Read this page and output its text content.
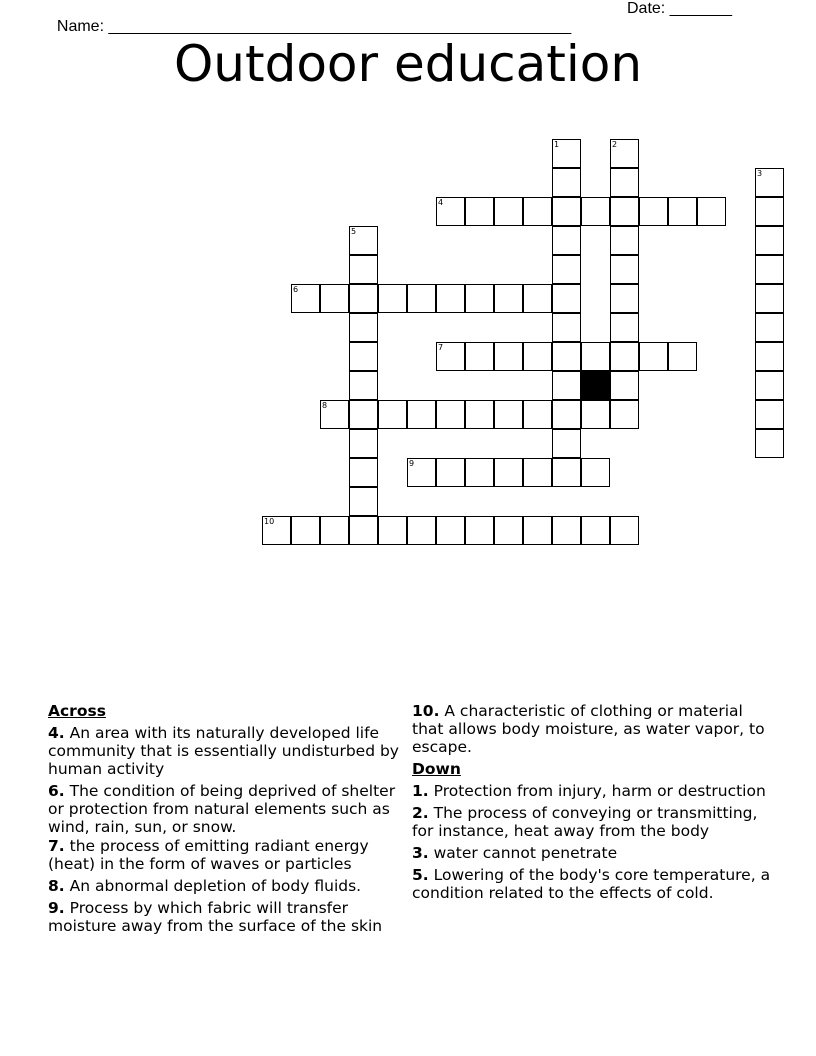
Name: ____________________________________________________

Date: _______

Outdoor education
1	2
3
4
5
6
7
8
9
10
Across
4. An area with its naturally developed life community that is essentially undisturbed by human activity
6. The condition of being deprived of shelter or protection from natural elements such as wind, rain, sun, or snow.
7. the process of emitting radiant energy (heat) in the form of waves or particles
8. An abnormal depletion of body fluids.
9. Process by which fabric will transfer moisture away from the surface of the skin
10. A characteristic of clothing or material that allows body moisture, as water vapor, to escape.
Down
1. Protection from injury, harm or destruction
2. The process of conveying or transmitting, for instance, heat away from the body
3. water cannot penetrate
5. Lowering of the body's core temperature, a condition related to the effects of cold.
